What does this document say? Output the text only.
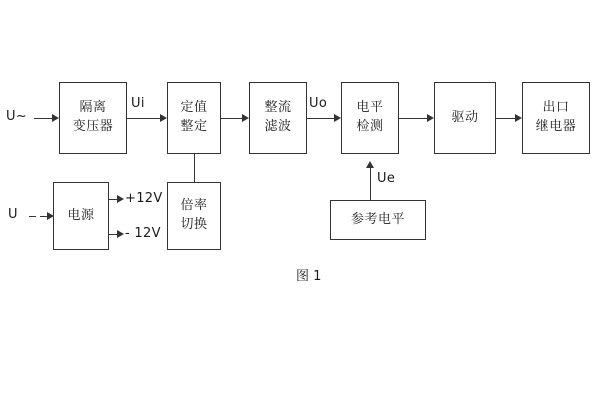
隔离
变压器
定值
整定
整流
滤波
电平
检测
驱动
出口
继电器
电源
倍率
切换	参考电平
U~
U
Ui	Uo
Ue
+12V
- 12V
图 1
